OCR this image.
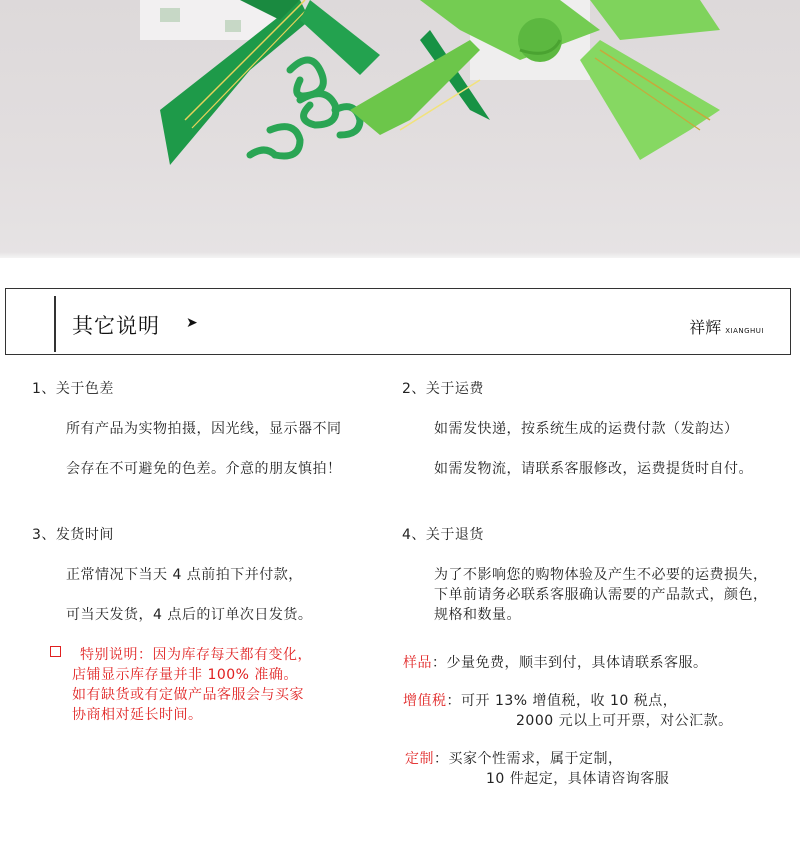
其它说明 ➤	祥辉 XIANGHUI
1、关于色差
所有产品为实物拍摄，因光线，显示器不同
会存在不可避免的色差。介意的朋友慎拍！
2、关于运费
如需发快递，按系统生成的运费付款（发韵达）
如需发物流，请联系客服修改，运费提货时自付。
3、发货时间
正常情况下当天 4 点前拍下并付款，
可当天发货，4 点后的订单次日发货。
特别说明：因为库存每天都有变化，
店铺显示库存量并非 100% 准确。
如有缺货或有定做产品客服会与买家
协商相对延长时间。
4、关于退货
为了不影响您的购物体验及产生不必要的运费损失，
下单前请务必联系客服确认需要的产品款式，颜色，
规格和数量。
样品：少量免费，顺丰到付，具体请联系客服。
增值税：可开 13% 增值税，收 10 税点，
2000 元以上可开票，对公汇款。
定制：买家个性需求，属于定制，
10 件起定，具体请咨询客服
